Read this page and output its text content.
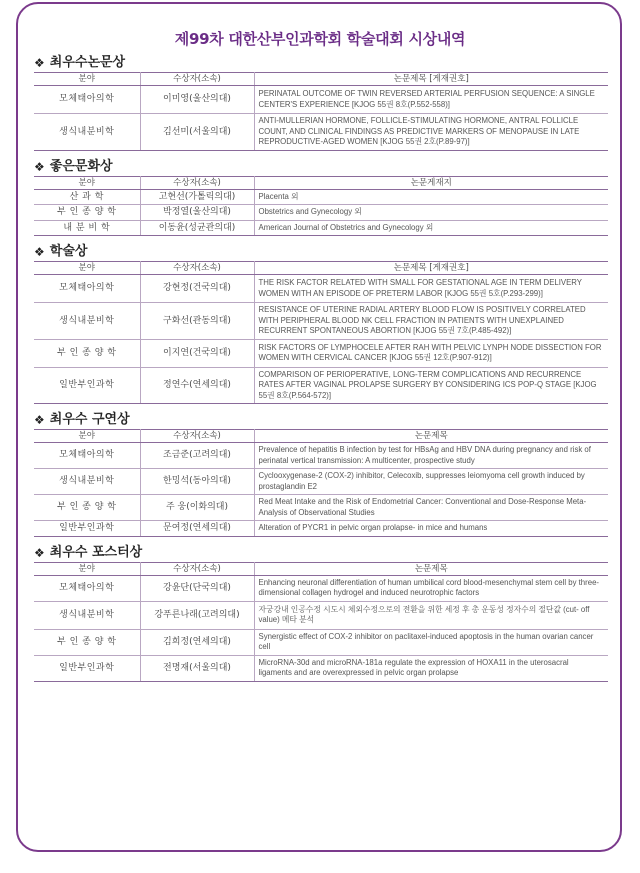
제99차 대한산부인과학회 학술대회 시상내역
❖ 최우수논문상
분야	수상자(소속)	논문제목 [게재권호]
모체태아의학	이미영(울산의대)	PERINATAL OUTCOME OF TWIN REVERSED ARTERIAL PERFUSION SEQUENCE: A SINGLE CENTER'S EXPERIENCE [KJOG 55권 8호(P.552-558)]
생식내분비학	김선미(서울의대)	ANTI-MULLERIAN HORMONE, FOLLICLE-STIMULATING HORMONE, ANTRAL FOLLICLE COUNT, AND CLINICAL FINDINGS AS PREDICTIVE MARKERS OF MENOPAUSE IN LATE REPRODUCTIVE-AGED WOMEN [KJOG 55권 2호(P.89-97)]
❖ 좋은문화상
분야	수상자(소속)	논문게재지
산 과 학	고현선(가톨릭의대)	Placenta 외
부 인 종 양 학	박정열(울산의대)	Obstetrics and Gynecology 외
내 분 비 학	이동윤(성균관의대)	American Journal of Obstetrics and Gynecology 외
❖ 학술상
분야	수상자(소속)	논문제목 [게재권호]
모체태아의학	강현정(건국의대)	THE RISK FACTOR RELATED WITH SMALL FOR GESTATIONAL AGE IN TERM DELIVERY WOMEN WITH AN EPISODE OF PRETERM LABOR [KJOG 55권 5호(P.293-299)]
생식내분비학	구화선(관동의대)	RESISTANCE OF UTERINE RADIAL ARTERY BLOOD FLOW IS POSITIVELY CORRELATED WITH PERIPHERAL BLOOD NK CELL FRACTION IN PATIENTS WITH UNEXPLAINED RECURRENT SPONTANEOUS ABORTION [KJOG 55권 7호(P.485-492)]
부 인 종 양 학	이지연(건국의대)	RISK FACTORS OF LYMPHOCELE AFTER RAH WITH PELVIC LYNPH NODE DISSECTION FOR WOMEN WITH CERVICAL CANCER [KJOG 55권 12호(P.907-912)]
일반부인과학	정연수(연세의대)	COMPARISON OF PERIOPERATIVE, LONG-TERM COMPLICATIONS AND RECURRENCE RATES AFTER VAGINAL PROLAPSE SURGERY BY CONSIDERING ICS POP-Q STAGE [KJOG 55권 8호(P.564-572)]
❖ 최우수 구연상
분야	수상자(소속)	논문제목
모체태아의학	조금준(고려의대)	Prevalence of hepatitis B infection by test for HBsAg and HBV DNA during pregnancy and risk of perinatal vertical transmission: A multicenter, prospective study
생식내분비학	한밍석(동아의대)	Cyclooxygenase-2 (COX-2) inhibitor, Celecoxib, suppresses leiomyoma cell growth induced by prostaglandin E2
부 인 종 양 학	주 웅(이화의대)	Red Meat Intake and the Risk of Endometrial Cancer: Conventional and Dose-Response Meta-Analysis of Observational Studies
일반부인과학	문여정(연세의대)	Alteration of PYCR1 in pelvic organ prolapse- in mice and humans
❖ 최우수 포스터상
분야	수상자(소속)	논문제목
모체태아의학	강윤단(단국의대)	Enhancing neuronal differentiation of human umbilical cord blood-mesenchymal stem cell by three-dimensional collagen hydrogel and induced neurotrophic factors
생식내분비학	강푸른나래(고려의대)	자궁강내 인공수정 시도시 체외수정으로의 전환을 위한 세정 후 총 운동성 정자수의 절단값 (cut- off value) 메타 분석
부 인 종 양 학	김희정(연세의대)	Synergistic effect of COX-2 inhibitor on paclitaxel-induced apoptosis in the human ovarian cancer cell
일반부인과학	전명재(서울의대)	MicroRNA-30d and microRNA-181a regulate the expression of HOXA11 in the uterosacral ligaments and are overexpressed in pelvic organ prolapse
